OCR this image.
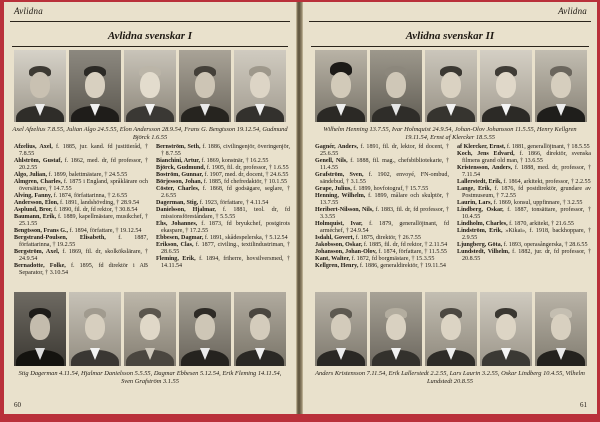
Avlidna
Avlidna svenskar I
Axel Afzelius 7.8.55, Julian Algo 24.5.55, Elon Andersson 28.9.54, Frans G. Bengtsson 19.12.54, Gudmund Björck 1.6.55

Afzelius, Axel, f. 1885, jur. kand. fd justitieråd, † 7.8.55

Ahlström, Gustaf, f. 1862, med. dr, fd professor, † 20.2.55

Algo, Julian, f. 1899, balettmästare, † 24.5.55

Almgren, Charles, f. 1875 i England, språklärare och översättare, † 14.7.55

Alving, Fanny, f. 1874, författarinna, † 2.6.55

Andersson, Elon, f. 1891, landshövding, † 28.9.54

Asplund, Bror, f. 1890, fil. dr, fd rektor, † 30.8.54

Baumann, Erik, f. 1889, kapellmästare, musikchef, † 25.1.55

Bengtsson, Frans G., f. 1894, författare, † 19.12.54

Bergstrand-Poulsen, Elisabeth, f. 1887, författarinna, † 19.2.55

Bergström, Axel, f. 1869, fil. dr, skolkökslärare, † 24.9.54

Bernadotte, Folke, f. 1895, fd direktör i AB Separator, † 3.10.54

Bernström, Seth, f. 1886, civilingenjör, överingenjör, † 8.7.55

Bianchini, Artur, f. 1869, konstnär, † 16.2.55

Björck, Gudmund, f. 1905, fil. dr, professor, † 1.6.55

Boström, Gunnar, f. 1907, med. dr, docent, † 24.6.55

Börjesson, Johan, f. 1885, fd chefredaktör, † 10.1.55

Cöster, Charles, f. 1868, fd godsägare, seglare, † 2.6.55

Dagerman, Stig, f. 1923, författare, † 4.11.54

Danielsson, Hjalmar, f. 1881, teol. dr, fd missionsföreståndare, † 5.5.55

Ehs, Johannes, f. 1873, fd bryukchef, postgirots ekaspare, † 17.2.55

Ebbesen, Dagmar, f. 1891, skådespelerska, † 5.12.54

Erikson, Clas, f. 1877, civiling., textilindustriman, † 28.6.55

Fleming, Erik, f. 1894, friherre, hovsilversmed, † 14.11.54

Stig Dagerman 4.11.54, Hjalmar Danielsson 5.5.55, Dagmar Ebbesen 5.12.54, Erik Fleming 14.11.54, Sven Grafström 3.1.55
60
Avlidna
Avlidna svenskar II
Wilhelm Henning 13.7.55, Ivar Holmquist 24.9.54, Johan-Olov Johansson 11.5.55, Henry Kellgren 19.11.54, Ernst af Klercker 18.5.55

Gagnér, Anders, f. 1891, fil. dr, lektor, fd docent, † 25.6.55

Genell, Nils, f. 1888, fil. mag., chefsbibliotekarie, † 11.4.55

Grafström, Sven, f. 1902, envoyé, FN-ombud, sändebud, † 3.1.55

Grape, Julius, f. 1899, hovfotograf, † 15.7.55

Henning, Wilhelm, f. 1899, målare och skulptör, † 13.7.55

Heribert-Nilsson, Nils, f. 1883, fil. dr, fd professor, † 3.3.55

Holmquist, Ivar, f. 1879, generallöjtnant, fd arméchef, † 24.9.54

Isdahl, Govert, f. 1875, direktör, † 26.7.55

Jakobsson, Oskar, f. 1885, fil. dr, fd rektor, † 2.11.54

Johansson, Johan-Olov, f. 1874, författare, † 11.5.55

Kant, Walter, f. 1872, fd borgmästare, † 15.3.55

Kellgren, Henry, f. 1886, generaldirektör, † 19.11.54

af Klercker, Ernst, f. 1881, generallöjtnant, † 18.5.55

Koch, Jens Edvard, f. 1866, direktör, svenska filmens grand old man, † 13.6.55

Kristensson, Anders, f. 1888, med. dr, professor, † 7.11.54

Lallerstedt, Erik, f. 1864, arkitekt, professor, † 2.2.55

Lange, Erik, f. 1876, fd postdirektör, grundare av Postmuseum, † 7.2.55

Laurin, Lars, f. 1869, konsul, uppfinnare, † 3.2.55

Lindberg, Oskar, f. 1887, tonsättare, professor, † 10.4.55

Lindholm, Charles, f. 1870, arkitekt, † 21.6.55

Lindström, Erik, »Kikai», f. 1918, backhoppare, † 2.9.55

Ljungberg, Göta, f. 1893, operasångerska, † 28.6.55

Lundstedt, Vilhelm, f. 1882, jur. dr, fd professor, † 20.8.55

Anders Kristensson 7.11.54, Erik Lallerstedt 2.2.55, Lars Laurin 3.2.55, Oskar Lindberg 10.4.55, Vilhelm Lundstedt 20.8.55
61
